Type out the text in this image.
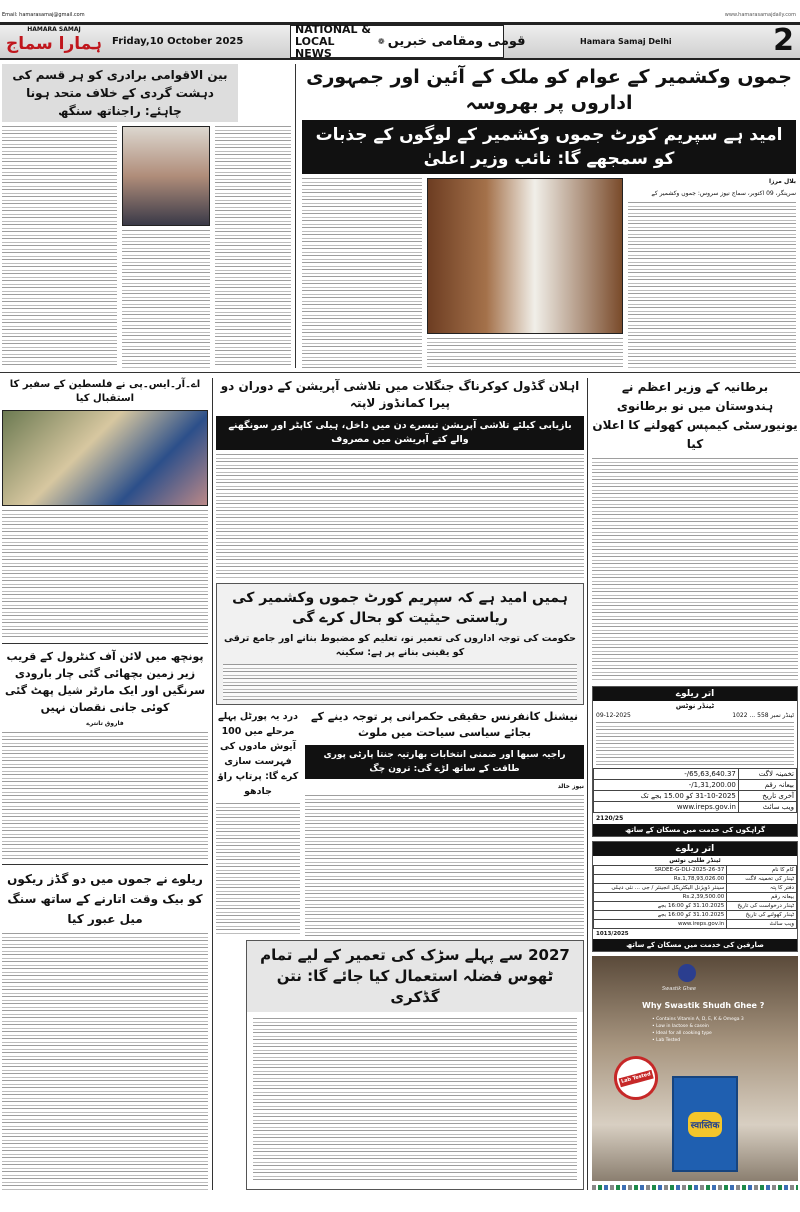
Email: hamarasamaj@gmail.com	www.hamarasamajdaily.com
HAMARA SAMAJ
ہمارا سماج Friday,10 October 2025
NATIONAL & LOCAL NEWS
❁ قومی ومقامی خبریں	Hamara Samaj Delhi	2
بین الاقوامی برادری کو ہر قسم کی دہشت گردی کے خلاف متحد ہونا چاہئے: راجناتھ سنگھ
جموں وکشمیر کے عوام کو ملک کے آئین اور جمہوری اداروں پر بھروسہ
امید ہے سپریم کورٹ جموں وکشمیر کے لوگوں کے جذبات کو سمجھے گا: نائب وزیر اعلیٰ
بلال مرزا
سرینگر، 09 اکتوبر، سماج نیوز سروس: جموں وکشمیر کے
اے۔آر۔ایس۔پی نے فلسطین کے سفیر کا استقبال کیا
پونچھ میں لائن آف کنٹرول کے قریب زیر زمین بچھائی گئی چار بارودی سرنگیں اور ایک مارٹر شیل پھٹ گئی کوئی جانی نقصان نہیں
فاروق تانترے
ریلوے نے جموں میں دو گڈز ریکوں کو بیک وقت اتارنے کے ساتھ سنگ میل عبور کیا
اہلان گڈول کوکرناگ جنگلات میں تلاشی آپریشن کے دوران دو پیرا کمانڈوز لاپتہ
بازیابی کیلئے تلاشی آپریشن تیسرے دن میں داخل، ہیلی کاپٹر اور سونگھنے والے کتے آپریشن میں مصروف
ہمیں امید ہے کہ سپریم کورٹ جموں وکشمیر کی ریاستی حیثیت کو بحال کرے گی
حکومت کی توجہ اداروں کی تعمیر نو، تعلیم کو مضبوط بنانے اور جامع ترقی کو یقینی بنانے پر ہے: سکینہ
درد یہ پورٹل پہلے مرحلے میں 100 آیوش مادوں کی فہرست سازی کرے گا: پرتاپ راؤ جادھو
نیشنل کانفرنس حقیقی حکمرانی پر توجہ دینے کے بجائے سیاسی سیاحت میں ملوث
راجیہ سبھا اور ضمنی انتخابات بھارتیہ جنتا پارٹی پوری طاقت کے ساتھ لڑے گی: ترون چگ
نیوز خالد
2027 سے پہلے سڑک کی تعمیر کے لیے تمام ٹھوس فضلہ استعمال کیا جائے گا: نتن گڈکری
برطانیہ کے وزیر اعظم نے ہندوستان میں نو برطانوی یونیورسٹی کیمپس کھولنے کا اعلان کیا
اتر ریلوے
ٹینڈر نوٹس
ٹینڈر نمبر 558 ... 1022
09-12-2025
تخمینہ لاگت	65,63,640.37/-
بیعانہ رقم	1,31,200.00/-
آخری تاریخ	31-10-2025 کو 15.00 بجے تک
ویب سائٹ	www.ireps.gov.in
2120/25
گراہکوں کی خدمت میں مسکان کے ساتھ
اتر ریلوے
ٹینڈر طلبی نوٹس
کام کا نام	37-SRDEE-G-DLI-2025-26
ٹینڈر کی تخمینہ لاگت	Rs.1,78,93,026.00
دفتر کا پتہ	سینئر ڈویژنل الیکٹریکل انجینئر / جی ... نئی دہلی
بیعانہ رقم	Rs.2,39,500.00
ٹینڈر درخواست کی تاریخ	31.10.2025 کو 16:00 بجے
ٹینڈر کھولنے کی تاریخ	31.10.2025 کو 16:00 بجے
ویب سائٹ	www.ireps.gov.in
1013/2025
صارفین کی خدمت میں مسکان کے ساتھ
Swastik Ghee
Why Swastik Shudh Ghee ?
• Contains Vitamin A, D, E, K & Omega 3
• Low in lactose & casein
• Ideal for all cooking type
• Lab Tested
Lab Tested
स्वास्तिक
